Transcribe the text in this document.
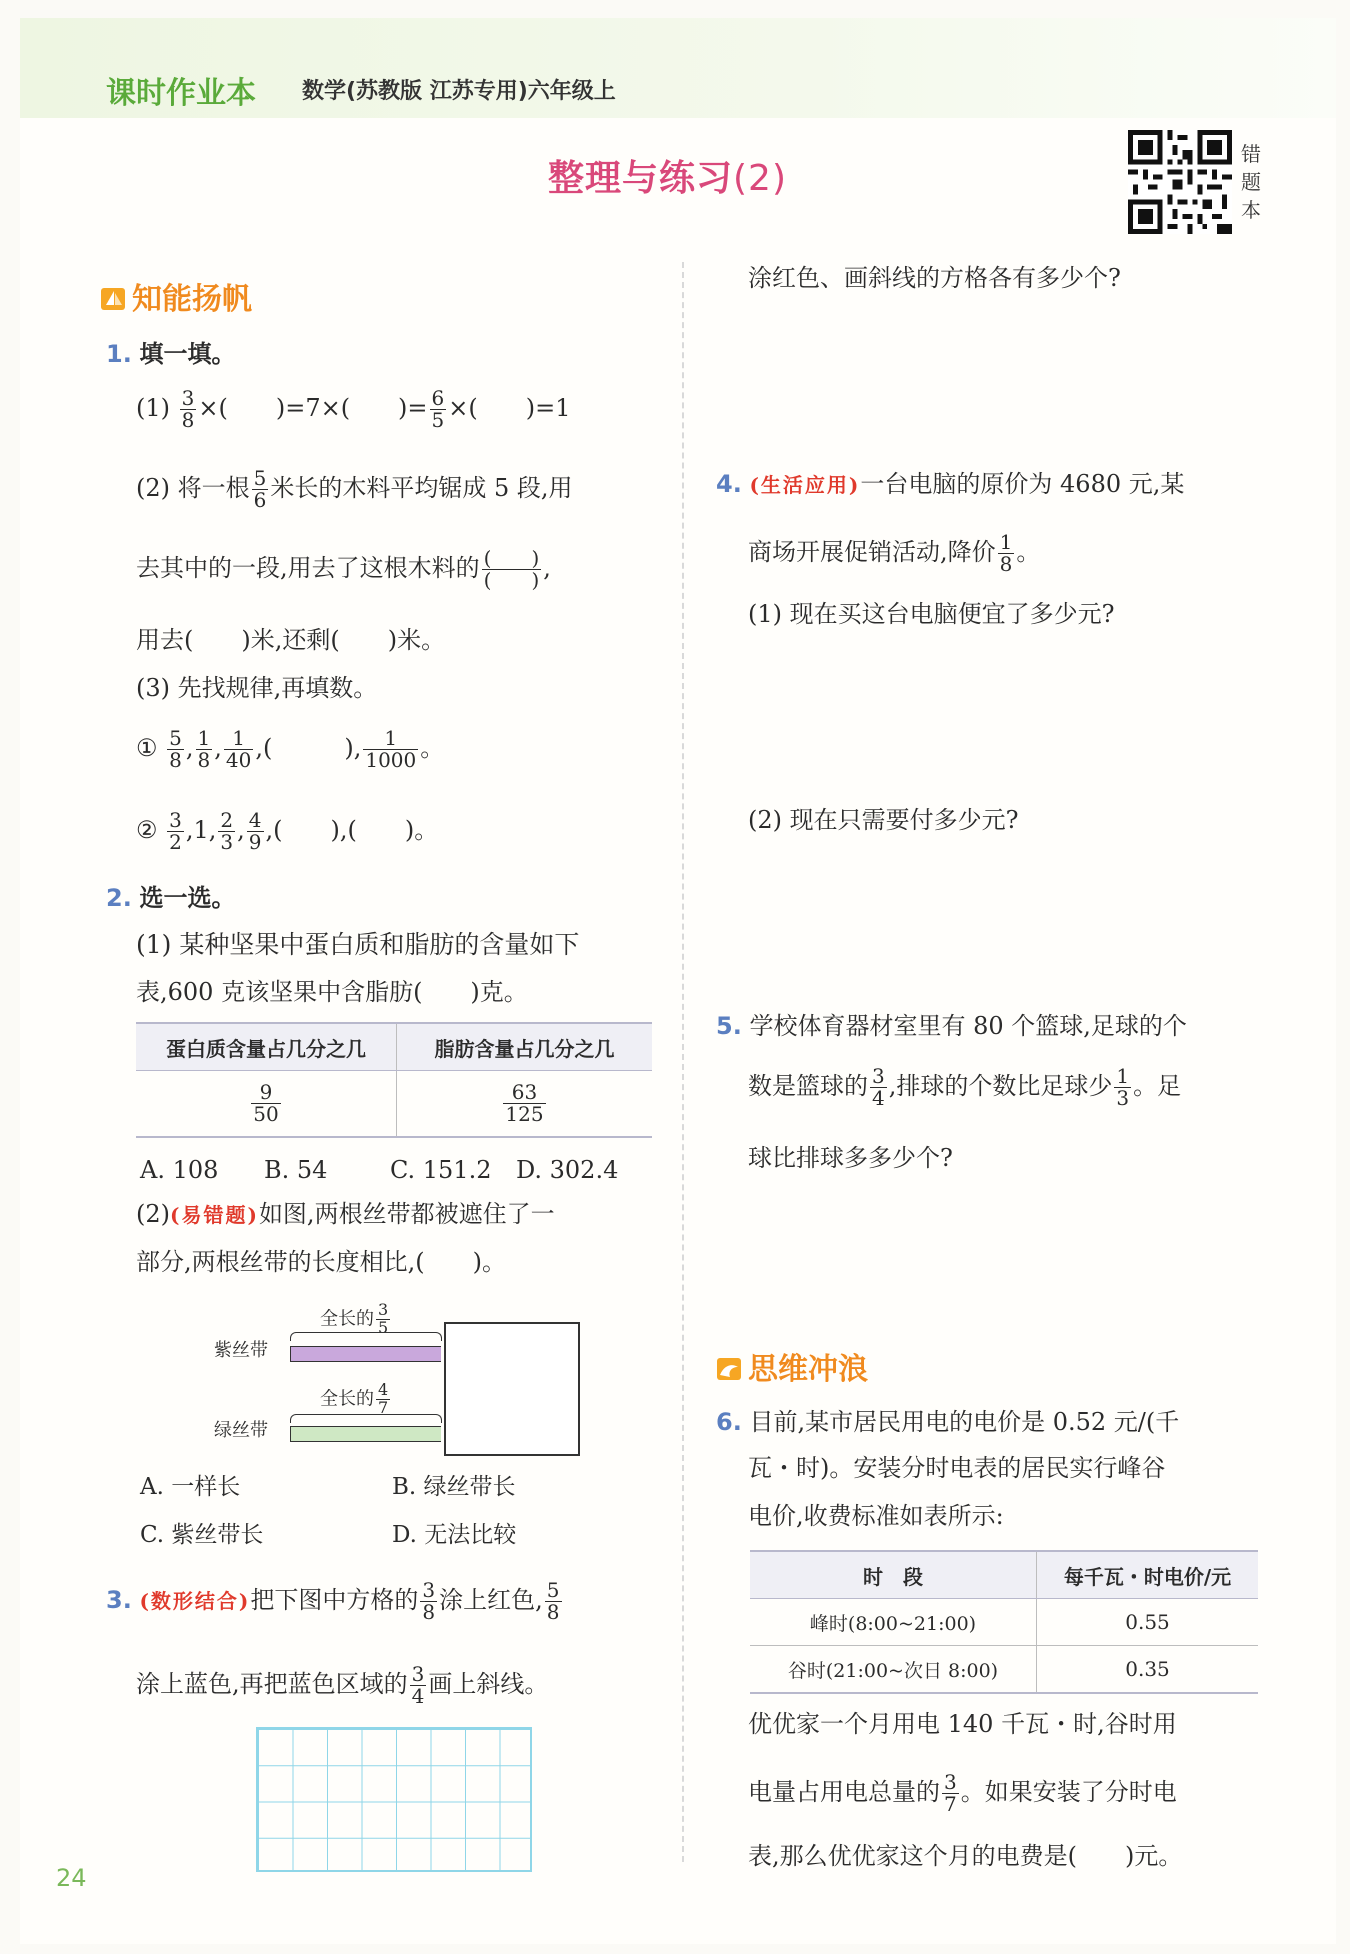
课时作业本 数学(苏教版 江苏专用)六年级上
整理与练习(2)
错
题
本
知能扬帆
1. 填一填。
$(1) \frac{3}{8}$ ×(　　)=7×(　　)= $\frac{6}{5}$ ×(　　)=1
(2) 将一根 $\frac{5}{6}$ 米长的木料平均锯成 5 段,用
去其中的一段,用去了这根木料的 (　　)
(　　) ,
用去(　　)米,还剩(　　)米。
(3) 先找规律,再填数。
① $\frac{5}{8}$ , $\frac{1}{8}$ , $\frac{1}{40}$ ,(　　　), $\frac{1}{1000}$ 。
② $\frac{3}{2} ,1$, $\frac{2}{3}$ , $\frac{4}{9}$ ,(　　),(　　)。
2. 选一选。
(1) 某种坚果中蛋白质和脂肪的含量如下
表,600 克该坚果中含脂肪(　　)克。
蛋白质含量占几分之几	脂肪含量占几分之几

$\frac{9}{50}$	$\frac{63}{125}$
A. 108 B. 54	C. 151.2 D. 302.4
(2)(易错题)如图,两根丝带都被遮住了一
部分,两根丝带的长度相比,(　　)。
全长的 $\frac{3}{5}$
紫丝带
全长的 $\frac{4}{7}$
绿丝带
A. 一样长	B. 绿丝带长
C. 紫丝带长	D. 无法比较
3. (数形结合)把下图中方格的 $\frac{3}{8}$ 涂上红色, $\frac{5}{8}$
涂上蓝色,再把蓝色区域的 $\frac{3}{4}$ 画上斜线。
24
涂红色、画斜线的方格各有多少个?
4. (生活应用)一台电脑的原价为 4680 元,某
商场开展促销活动,降价 $\frac{1}{8}$ 。
(1) 现在买这台电脑便宜了多少元?
(2) 现在只需要付多少元?
5. 学校体育器材室里有 80 个篮球,足球的个
数是篮球的 $\frac{3}{4}$ ,排球的个数比足球少 $\frac{1}{3}$ 。足
球比排球多多少个?
思维冲浪
6. 目前,某市居民用电的电价是 0.52 元/(千
瓦・时)。安装分时电表的居民实行峰谷
电价,收费标准如表所示:
时　段	每千瓦・时电价/元
峰时(8:00~21:00)	0.55
谷时(21:00~次日 8:00)	0.35
优优家一个月用电 140 千瓦・时,谷时用
电量占用电总量的 $\frac{3}{7}$ 。如果安装了分时电
表,那么优优家这个月的电费是(　　)元。
